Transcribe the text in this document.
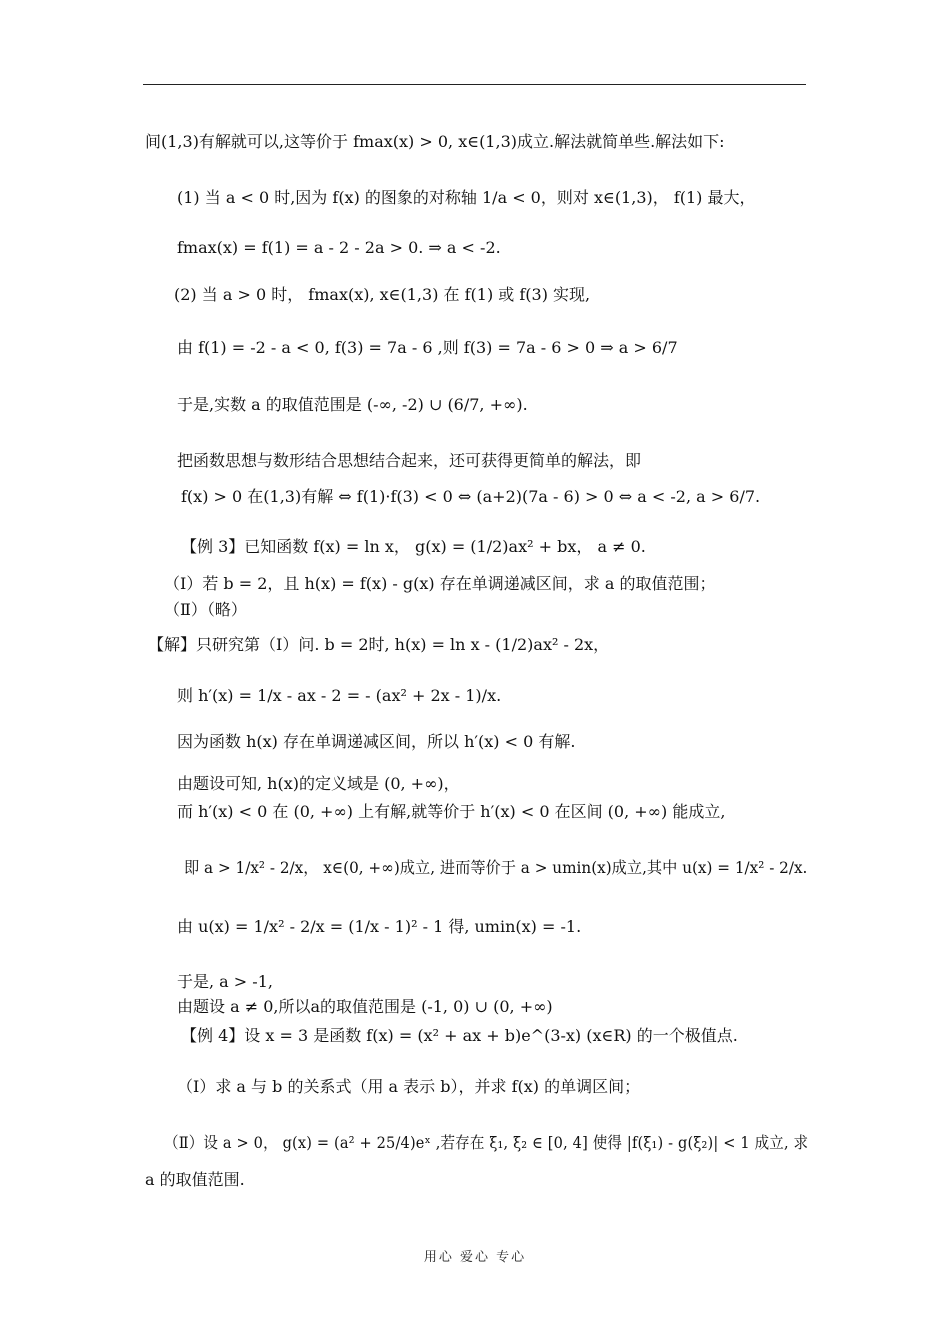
间(1,3)有解就可以,这等价于 fmax(x) > 0, x∈(1,3)成立.解法就简单些.解法如下:
(1) 当 a < 0 时,因为 f(x) 的图象的对称轴 1/a < 0，则对 x∈(1,3)， f(1) 最大，
fmax(x) = f(1) = a - 2 - 2a > 0. ⇒ a < -2.
(2) 当 a > 0 时， fmax(x), x∈(1,3) 在 f(1) 或 f(3) 实现,
由 f(1) = -2 - a < 0, f(3) = 7a - 6 ,则 f(3) = 7a - 6 > 0 ⇒ a > 6/7
于是,实数 a 的取值范围是 (-∞, -2) ∪ (6/7, +∞).
把函数思想与数形结合思想结合起来，还可获得更简单的解法，即
f(x) > 0 在(1,3)有解 ⇔ f(1)·f(3) < 0 ⇔ (a+2)(7a - 6) > 0 ⇔ a < -2, a > 6/7.
【例 3】已知函数 f(x) = ln x， g(x) = (1/2)ax² + bx， a ≠ 0.
（Ⅰ）若 b = 2，且 h(x) = f(x) - g(x) 存在单调递减区间，求 a 的取值范围；
（Ⅱ）（略）
【解】只研究第（I）问. b = 2时, h(x) = ln x - (1/2)ax² - 2x，
则 h′(x) = 1/x - ax - 2 = - (ax² + 2x - 1)/x.
因为函数 h(x) 存在单调递减区间，所以 h′(x) < 0 有解.
由题设可知, h(x)的定义域是 (0, +∞)，
而 h′(x) < 0 在 (0, +∞) 上有解,就等价于 h′(x) < 0 在区间 (0, +∞) 能成立,
即 a > 1/x² - 2/x， x∈(0, +∞)成立, 进而等价于 a > umin(x)成立,其中 u(x) = 1/x² - 2/x.
由 u(x) = 1/x² - 2/x = (1/x - 1)² - 1 得, umin(x) = -1.
于是, a > -1,
由题设 a ≠ 0,所以a的取值范围是 (-1, 0) ∪ (0, +∞)
【例 4】设 x = 3 是函数 f(x) = (x² + ax + b)e^(3-x) (x∈R) 的一个极值点.
（Ⅰ）求 a 与 b 的关系式（用 a 表示 b），并求 f(x) 的单调区间；
（Ⅱ）设 a > 0， g(x) = (a² + 25/4)eˣ ,若存在 ξ₁, ξ₂ ∈ [0, 4] 使得 |f(ξ₁) - g(ξ₂)| < 1 成立, 求
a 的取值范围.
用心 爱心 专心
